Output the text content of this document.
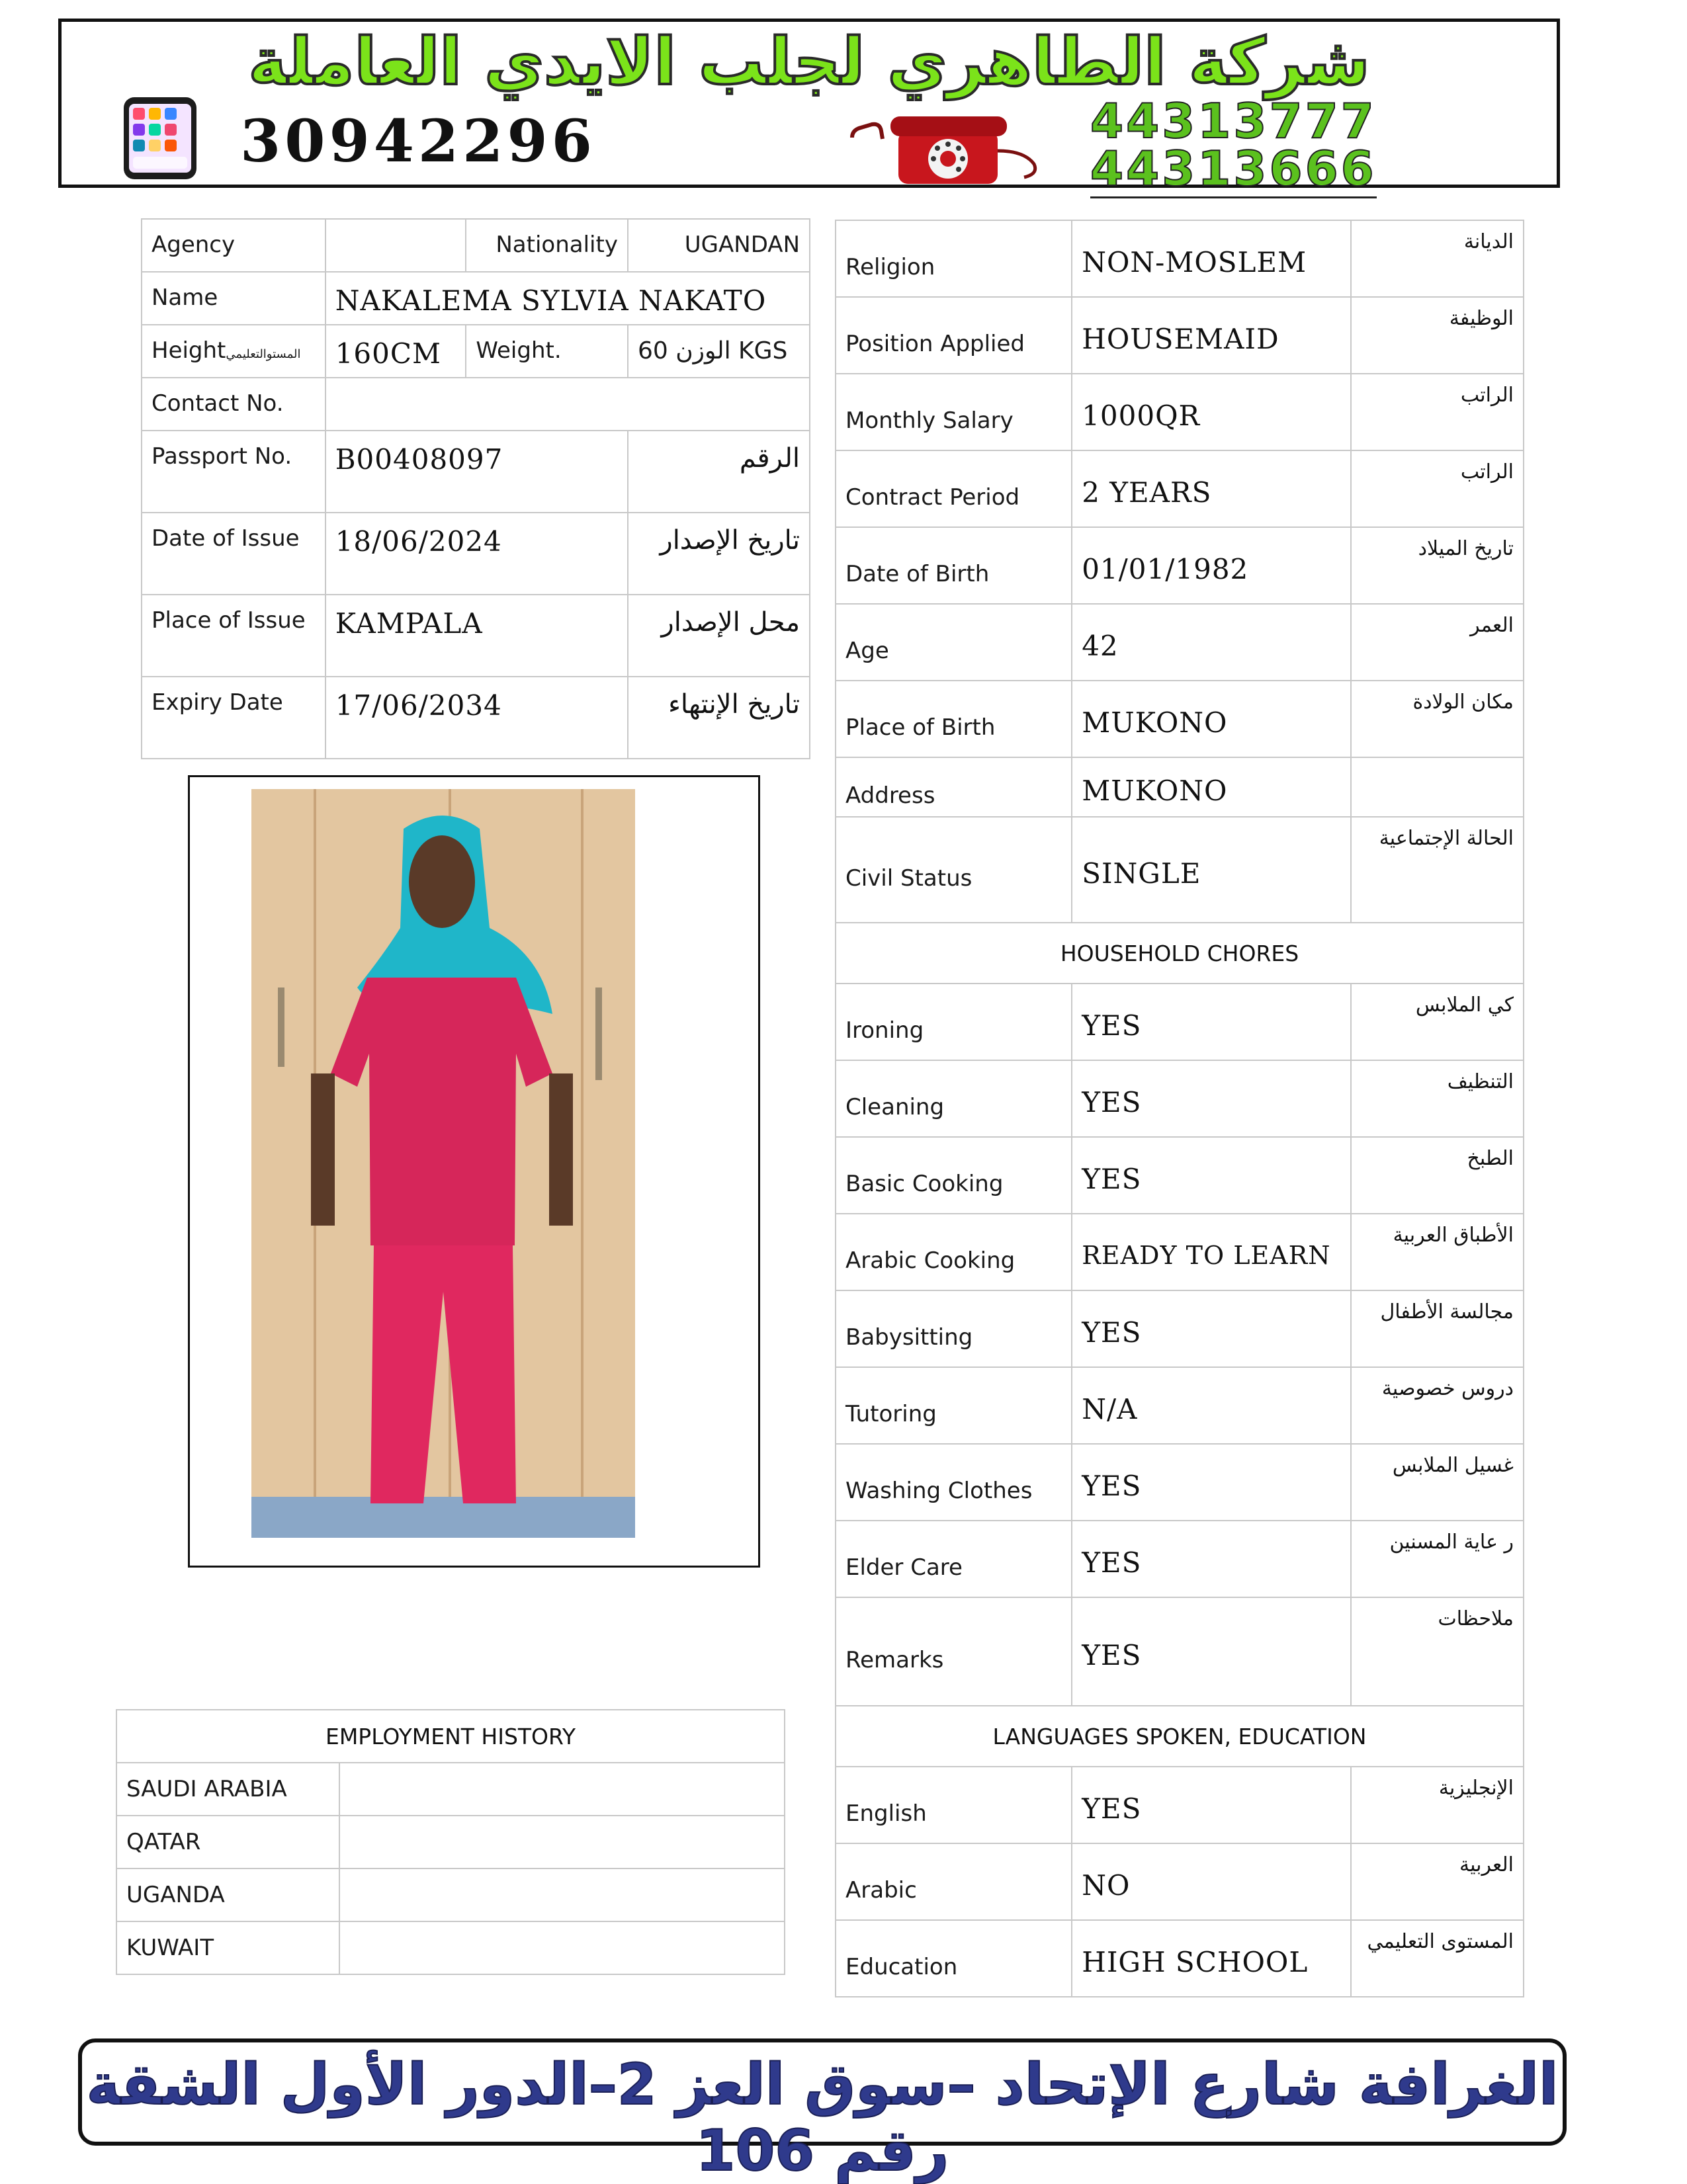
شركة الطاهري لجلب الايدي العاملة
30942296	44313777
44313666
Agency		Nationality	UGANDAN
Name	NAKALEMA SYLVIA NAKATO		
Heightالمستوالتعليمي	160CM	Weight.	60 الوزن KGS
Contact No.			
Passport No.	B00408097		الرقم
Date of Issue	18/06/2024		تاريخ الإصدار
Place of Issue	KAMPALA		محل الإصدار
Expiry Date	17/06/2034		تاريخ الإنتهاء
Religion	NON-MOSLEM	الديانة
Position Applied	HOUSEMAID	الوظيفة
Monthly Salary	1000QR	الراتب
Contract Period	2 YEARS	الراتب
Date of Birth	01/01/1982	تاريخ الميلاد
Age	42	العمر
Place of Birth	MUKONO	مكان الولادة
Address	MUKONO	
Civil Status	SINGLE	الحالة الإجتماعية
HOUSEHOLD CHORES		
Ironing	YES	كي الملابس
Cleaning	YES	التنظيف
Basic Cooking	YES	الطبخ
Arabic Cooking	READY TO LEARN	الأطباق العربية
Babysitting	YES	مجالسة الأطفال
Tutoring	N/A	دروس خصوصية
Washing Clothes	YES	غسيل الملابس
Elder Care	YES	ر عاية المسنين
Remarks	YES	ملاحظات
LANGUAGES SPOKEN, EDUCATION		
English	YES	الإنجليزية
Arabic	NO	العربية
Education	HIGH SCHOOL	المستوى التعليمي
EMPLOYMENT HISTORY	
SAUDI ARABIA	
QATAR	
UGANDA	
KUWAIT	
الغرافة شارع الإتحاد –سوق العز 2–الدور الأول الشقة رقم 106
